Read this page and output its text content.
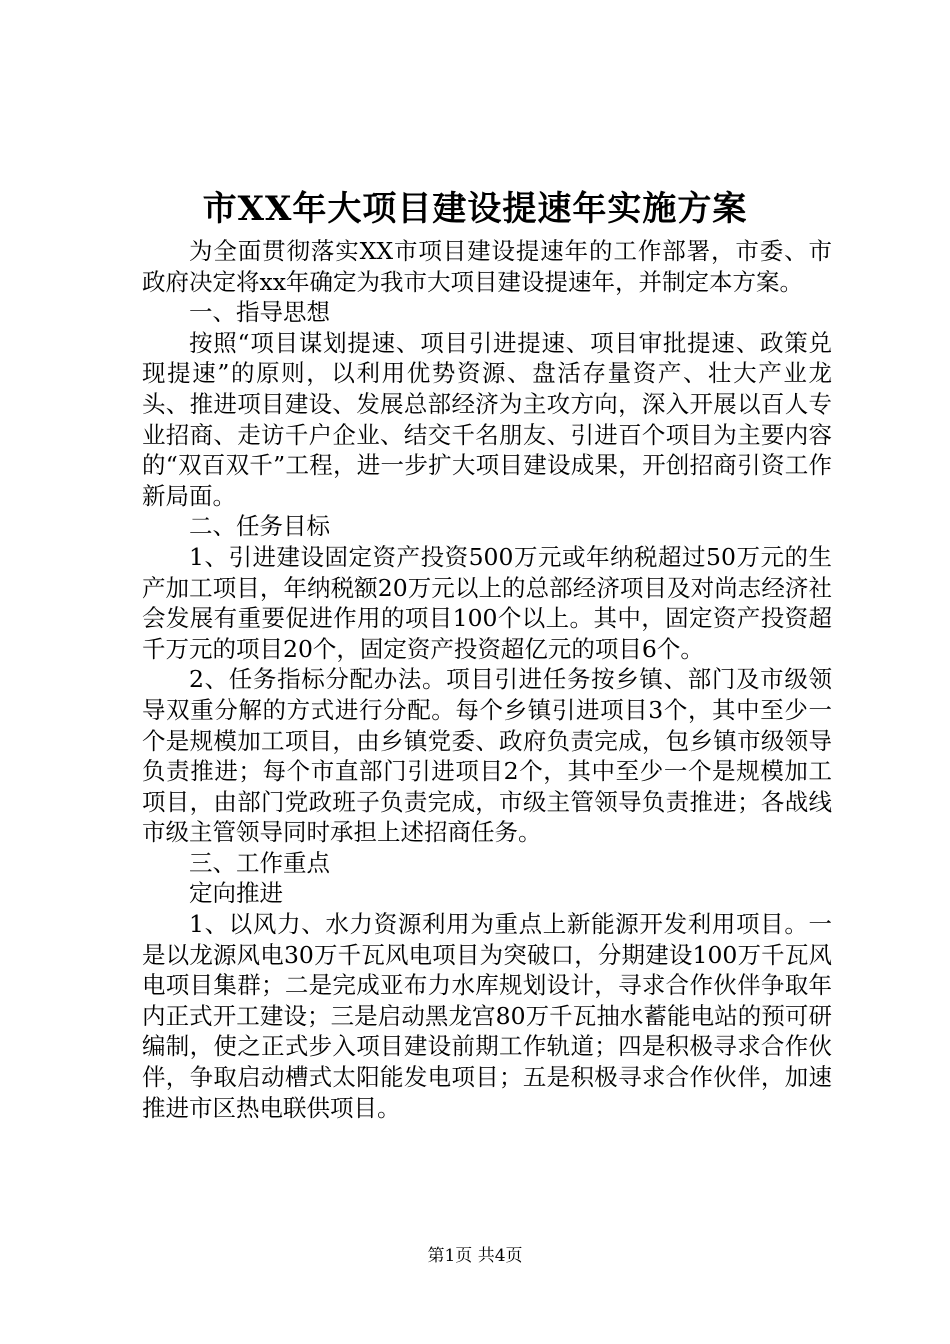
市XX年大项目建设提速年实施方案

为全面贯彻落实XX市项目建设提速年的工作部署，市委、市政府决定将xx年确定为我市大项目建设提速年，并制定本方案。

一、指导思想

按照“项目谋划提速、项目引进提速、项目审批提速、政策兑现提速”的原则，以利用优势资源、盘活存量资产、壮大产业龙头、推进项目建设、发展总部经济为主攻方向，深入开展以百人专业招商、走访千户企业、结交千名朋友、引进百个项目为主要内容的“双百双千”工程，进一步扩大项目建设成果，开创招商引资工作新局面。

二、任务目标

1、引进建设固定资产投资500万元或年纳税超过50万元的生产加工项目，年纳税额20万元以上的总部经济项目及对尚志经济社会发展有重要促进作用的项目100个以上。其中，固定资产投资超千万元的项目20个，固定资产投资超亿元的项目6个。

2、任务指标分配办法。项目引进任务按乡镇、部门及市级领导双重分解的方式进行分配。每个乡镇引进项目3个，其中至少一个是规模加工项目，由乡镇党委、政府负责完成，包乡镇市级领导负责推进；每个市直部门引进项目2个，其中至少一个是规模加工项目，由部门党政班子负责完成，市级主管领导负责推进；各战线市级主管领导同时承担上述招商任务。

三、工作重点

定向推进

1、以风力、水力资源利用为重点上新能源开发利用项目。一是以龙源风电30万千瓦风电项目为突破口，分期建设100万千瓦风电项目集群；二是完成亚布力水库规划设计，寻求合作伙伴争取年内正式开工建设；三是启动黑龙宫80万千瓦抽水蓄能电站的预可研编制，使之正式步入项目建设前期工作轨道；四是积极寻求合作伙伴，争取启动槽式太阳能发电项目；五是积极寻求合作伙伴，加速推进市区热电联供项目。

第1页 共4页
